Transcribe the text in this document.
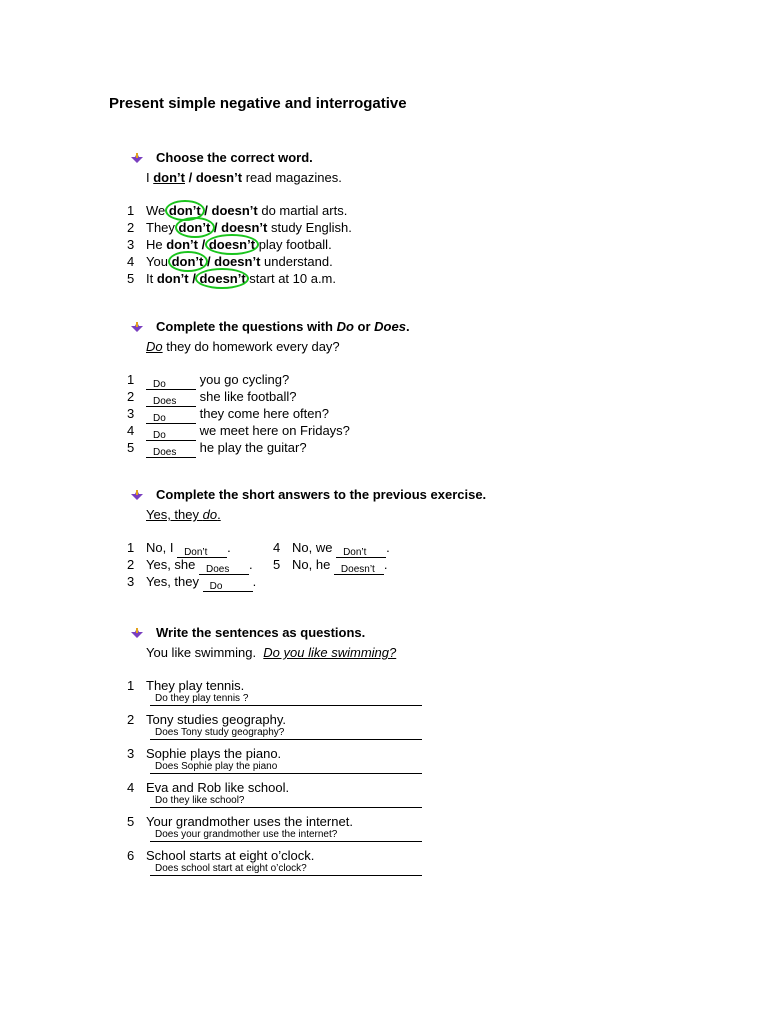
Present simple negative and interrogative
Choose the correct word.
I don’t / doesn’t read magazines.
1 We don’t / doesn’t do martial arts.
2 They don’t / doesn’t study English.
3 He don’t / doesn’t play football.
4 You don’t / doesn’t understand.
5 It don’t / doesn’t start at 10 a.m.
Complete the questions with Do or Does.
Do they do homework every day?
1 Do you go cycling?
2 Does she like football?
3 Do they come here often?
4 Do we meet here on Fridays?
5 Does he play the guitar?
Complete the short answers to the previous exercise.
Yes, they do.
1 No, I Don’t .
2 Yes, she Does .
3 Yes, they Do .
4 No, we Don’t .
5 No, he Doesn’t .
Write the sentences as questions.
You like swimming. Do you like swimming?
1 They play tennis.
Do they play tennis ?
2 Tony studies geography.
Does Tony study geography?
3 Sophie plays the piano.
Does Sophie play the piano
4 Eva and Rob like school.
Do they like school?
5 Your grandmother uses the internet.
Does your grandmother use the internet?
6 School starts at eight o’clock.
Does school start at eight o’clock?
